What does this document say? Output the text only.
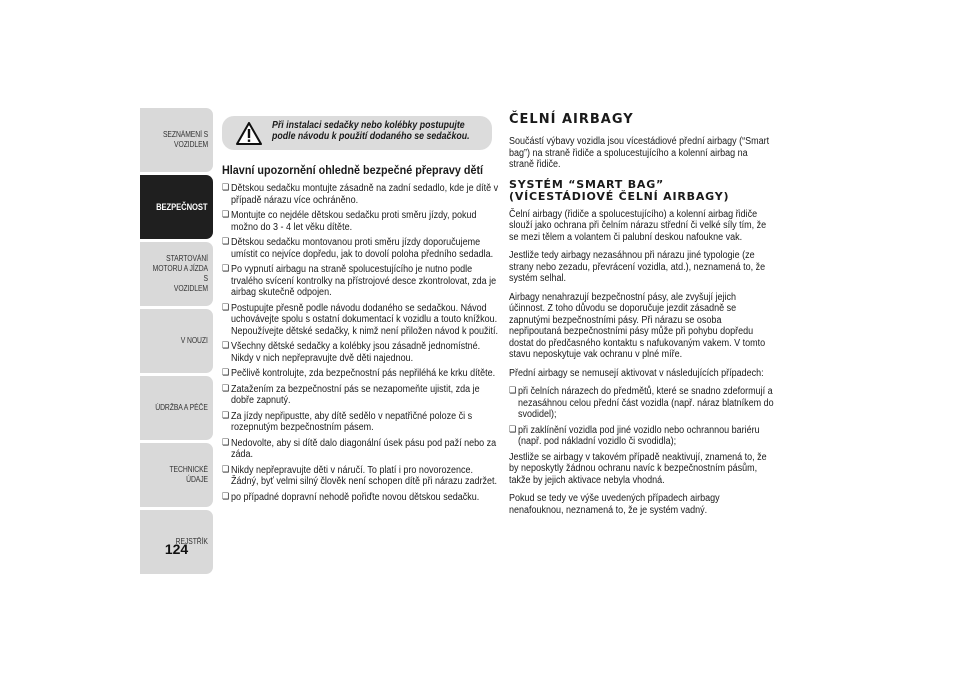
SEZNÁMENÍ S
VOZIDLEM
BEZPEČNOST
STARTOVÁNÍ
MOTORU A JÍZDA S
VOZIDLEM
V NOUZI
ÚDRŽBA A PÉČE
TECHNICKÉ ÚDAJE
REJSTŘÍK
124
Při instalaci sedačky nebo kolébky postupujte podle návodu k použití dodaného se sedačkou.
Hlavní upozornění ohledně bezpečné přepravy dětí
❏ Dětskou sedačku montujte zásadně na zadní sedadlo, kde je dítě v případě nárazu více ochráněno.
❏ Montujte co nejdéle dětskou sedačku proti směru jízdy, pokud možno do 3 - 4 let věku dítěte.
❏ Dětskou sedačku montovanou proti směru jízdy doporučujeme umístit co nejvíce dopředu, jak to dovolí poloha předního sedadla.
❏ Po vypnutí airbagu na straně spolucestujícího je nutno podle trvalého svícení kontrolky na přístrojové desce zkontrolovat, zda je airbag skutečně odpojen.
❏ Postupujte přesně podle návodu dodaného se sedačkou. Návod uchovávejte spolu s ostatní dokumentací k vozidlu a touto knížkou. Nepoužívejte dětské sedačky, k nimž není přiložen návod k použití.
❏ Všechny dětské sedačky a kolébky jsou zásadně jednomístné. Nikdy v nich nepřepravujte dvě děti najednou.
❏ Pečlivě kontrolujte, zda bezpečnostní pás nepřiléhá ke krku dítěte.
❏ Zatažením za bezpečnostní pás se nezapomeňte ujistit, zda je dobře zapnutý.
❏ Za jízdy nepřipustte, aby dítě sedělo v nepatřičné poloze či s rozepnutým bezpečnostním pásem.
❏ Nedovolte, aby si dítě dalo diagonální úsek pásu pod paží nebo za záda.
❏ Nikdy nepřepravujte děti v náručí. To platí i pro novorozence. Žádný, byť velmi silný člověk není schopen dítě při nárazu zadržet.
❏ po případné dopravní nehodě pořiďte novou dětskou sedačku.
ČELNÍ AIRBAGY

Součástí výbavy vozidla jsou vícestádiové přední airbagy (“Smart bag”) na straně řidiče a spolucestujícího a kolenní airbag na straně řidiče.

SYSTÉM “SMART BAG”
(VÍCESTÁDIOVÉ ČELNÍ AIRBAGY)

Čelní airbagy (řidiče a spolucestujícího) a kolenní airbag řidiče slouží jako ochrana při čelním nárazu střední či velké síly tím, že se mezi tělem a volantem či palubní deskou nafoukne vak.

Jestliže tedy airbagy nezasáhnou při nárazu jiné typologie (ze strany nebo zezadu, převrácení vozidla, atd.), neznamená to, že systém selhal.

Airbagy nenahrazují bezpečnostní pásy, ale zvyšují jejich účinnost. Z toho důvodu se doporučuje jezdit zásadně se zapnutými bezpečnostními pásy. Při nárazu se osoba nepřipoutaná bezpečnostními pásy může při pohybu dopředu dostat do předčasného kontaktu s nafukovaným vakem. V tomto stavu neposkytuje vak ochranu v plné míře.

Přední airbagy se nemusejí aktivovat v následujících případech:

❏ při čelních nárazech do předmětů, které se snadno zdeformují a nezasáhnou celou přední část vozidla (např. náraz blatníkem do svodidel);
❏ při zaklínění vozidla pod jiné vozidlo nebo ochrannou bariéru (např. pod nákladní vozidlo či svodidla);

Jestliže se airbagy v takovém případě neaktivují, znamená to, že by neposkytly žádnou ochranu navíc k bezpečnostním pásům, takže by jejich aktivace nebyla vhodná.

Pokud se tedy ve výše uvedených případech airbagy nenafouknou, neznamená to, že je systém vadný.
